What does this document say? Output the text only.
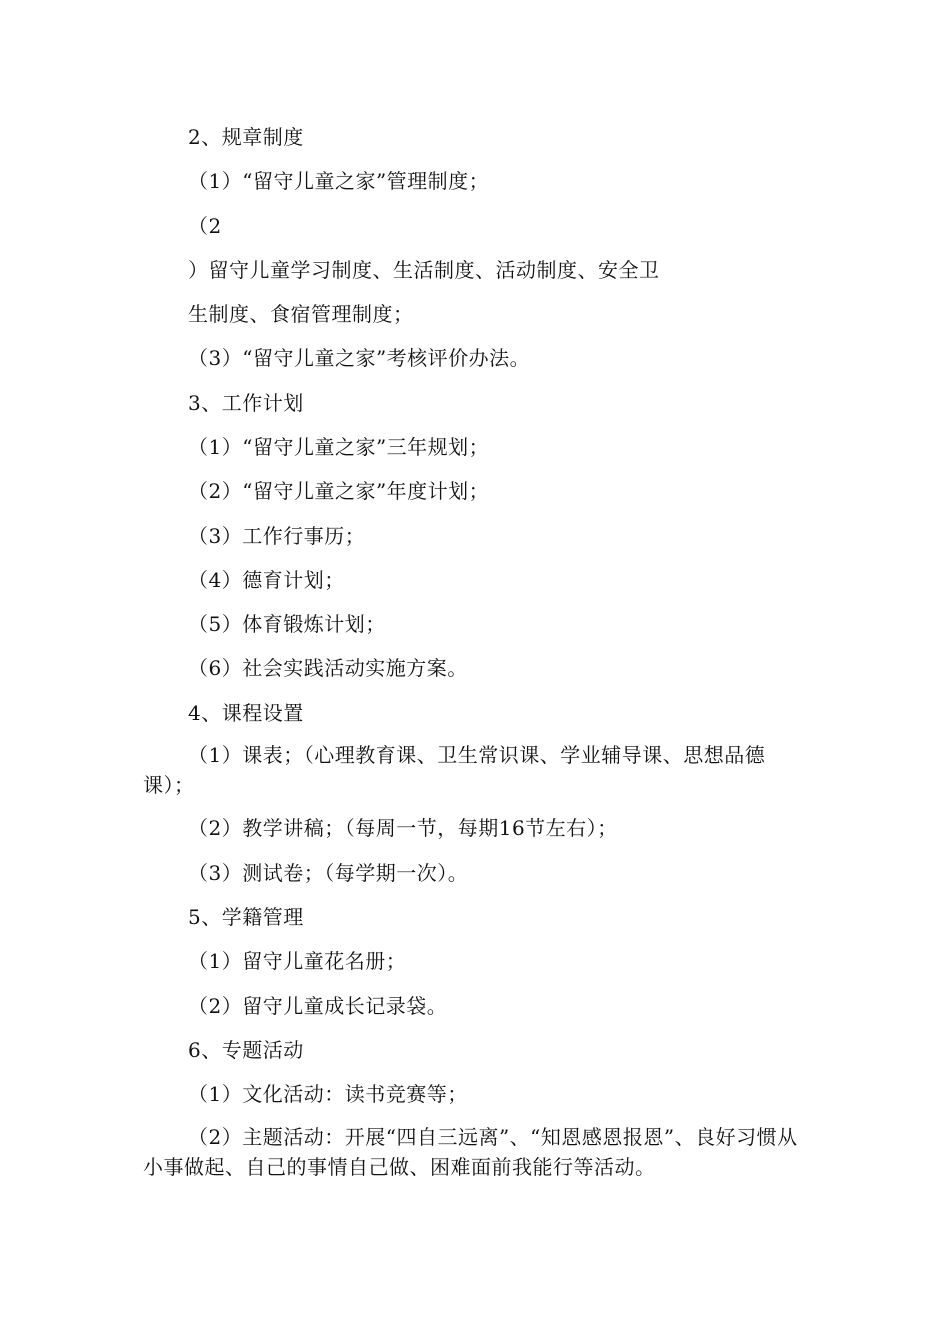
2、规章制度
（1）“留守儿童之家”管理制度；
（2
）留守儿童学习制度、生活制度、活动制度、安全卫
生制度、食宿管理制度；
（3）“留守儿童之家”考核评价办法。
3、工作计划
（1）“留守儿童之家”三年规划；
（2）“留守儿童之家”年度计划；
（3）工作行事历；
（4）德育计划；
（5）体育锻炼计划；
（6）社会实践活动实施方案。
4、课程设置
（1）课表；（心理教育课、卫生常识课、学业辅导课、思想品德课）；
（2）教学讲稿；（每周一节，每期16节左右）；
（3）测试卷；（每学期一次）。
5、学籍管理
（1）留守儿童花名册；
（2）留守儿童成长记录袋。
6、专题活动
（1）文化活动：读书竞赛等；
（2）主题活动：开展“四自三远离”、“知恩感恩报恩”、良好习惯从小事做起、自己的事情自己做、困难面前我能行等活动。
